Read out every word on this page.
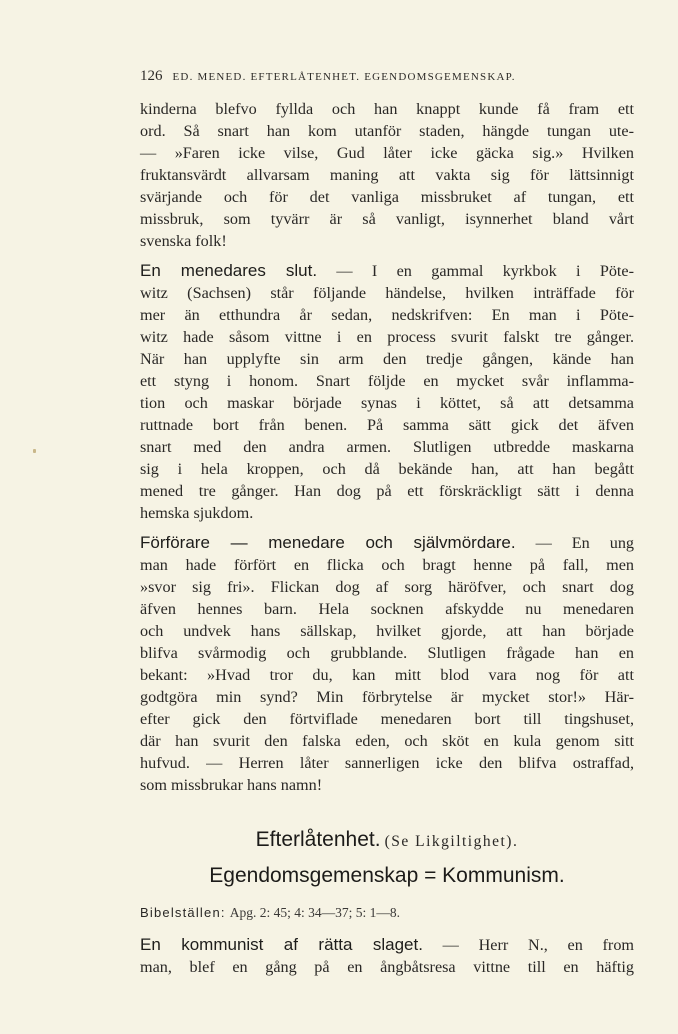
126 ED. MENED. EFTERLÅTENHET. EGENDOMSGEMENSKAP.
kinderna blefvo fyllda och han knappt kunde få fram ett
ord. Så snart han kom utanför staden, hängde tungan ute-
— »Faren icke vilse, Gud låter icke gäcka sig.» Hvilken
fruktansvärdt allvarsam maning att vakta sig för lättsinnigt
svärjande och för det vanliga missbruket af tungan, ett
missbruk, som tyvärr är så vanligt, isynnerhet bland vårt
svenska folk!
En menedares slut. — I en gammal kyrkbok i Pöte-
witz (Sachsen) står följande händelse, hvilken inträffade för
mer än etthundra år sedan, nedskrifven: En man i Pöte-
witz hade såsom vittne i en process svurit falskt tre gånger.
När han upplyfte sin arm den tredje gången, kände han
ett styng i honom. Snart följde en mycket svår inflamma-
tion och maskar började synas i köttet, så att detsamma
ruttnade bort från benen. På samma sätt gick det äfven
snart med den andra armen. Slutligen utbredde maskarna
sig i hela kroppen, och då bekände han, att han begått
mened tre gånger. Han dog på ett förskräckligt sätt i denna
hemska sjukdom.
Förförare — menedare och självmördare. — En ung
man hade förfört en flicka och bragt henne på fall, men
»svor sig fri». Flickan dog af sorg häröfver, och snart dog
äfven hennes barn. Hela socknen afskydde nu menedaren
och undvek hans sällskap, hvilket gjorde, att han började
blifva svårmodig och grubblande. Slutligen frågade han en
bekant: »Hvad tror du, kan mitt blod vara nog för att
godtgöra min synd? Min förbrytelse är mycket stor!» Här-
efter gick den förtviflade menedaren bort till tingshuset,
där han svurit den falska eden, och sköt en kula genom sitt
hufvud. — Herren låter sannerligen icke den blifva ostraffad,
som missbrukar hans namn!
Efterlåtenhet. (Se Likgiltighet).
Egendomsgemenskap = Kommunism.
Bibelställen: Apg. 2: 45; 4: 34—37; 5: 1—8.
En kommunist af rätta slaget. — Herr N., en from
man, blef en gång på en ångbåtsresa vittne till en häftig
